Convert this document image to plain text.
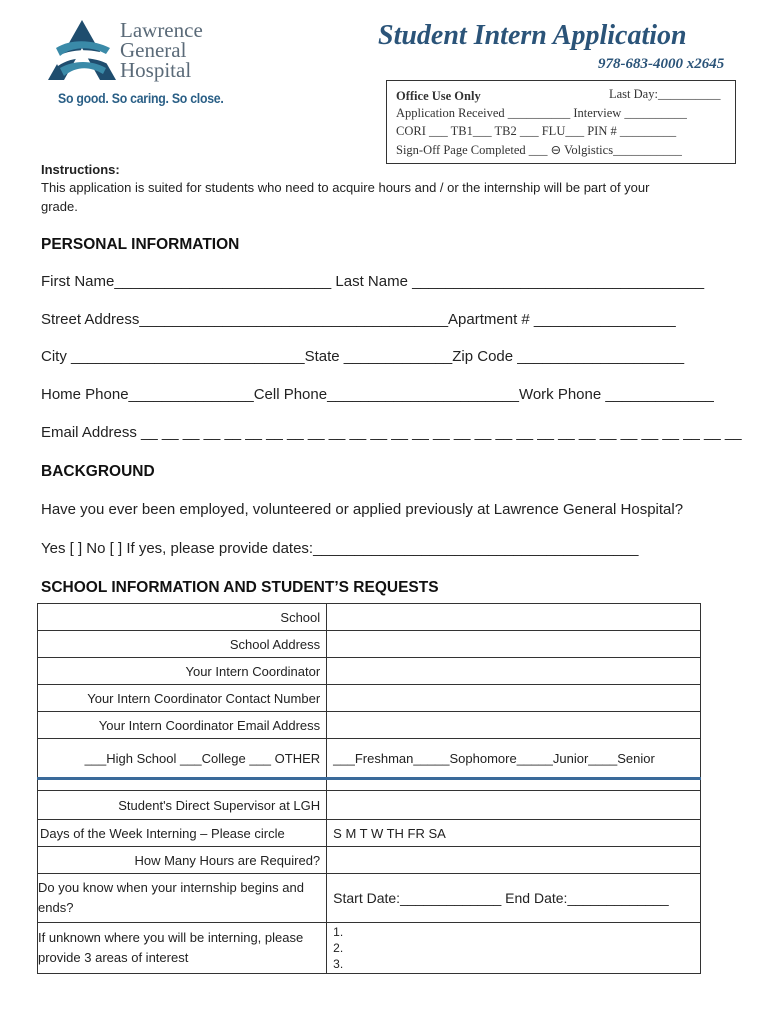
Lawrence
General
Hospital
So good. So caring. So close.
Student Intern Application
978-683-4000 x2645
Office Use Only	Last Day:__________
Application Received __________ Interview __________
CORI ___ TB1___ TB2 ___ FLU___ PIN # _________
Sign-Off Page Completed ___ ⊖ Volgistics___________
Instructions:
This application is suited for students who need to acquire hours and / or the internship will be part of your
grade.
PERSONAL INFORMATION
First Name__________________________ Last Name ___________________________________
Street Address_____________________________________Apartment # _________________
City ____________________________State _____________Zip Code ____________________
Home Phone_______________Cell Phone_______________________Work Phone _____________
Email Address __ __ __ __ __ __ __ __ __ __ __ __ __ __ __ __ __ __ __ __ __ __ __ __ __ __ __ __ __
BACKGROUND
Have you ever been employed, volunteered or applied previously at Lawrence General Hospital?
Yes [ ] No [ ] If yes, please provide dates:_______________________________________
SCHOOL INFORMATION AND STUDENT’S REQUESTS
School	
School Address	
Your Intern Coordinator	
Your Intern Coordinator Contact Number	
Your Intern Coordinator Email Address	
___High School ___College ___ OTHER	___Freshman_____Sophomore_____Junior____Senior

Student's Direct Supervisor at LGH	
Days of the Week Interning – Please circle	S M T W TH FR SA
How Many Hours are Required?	
Do you know when your internship begins and ends?	Start Date:_____________ End Date:_____________
If unknown where you will be interning, please provide 3 areas of interest	1.
2.
3.
